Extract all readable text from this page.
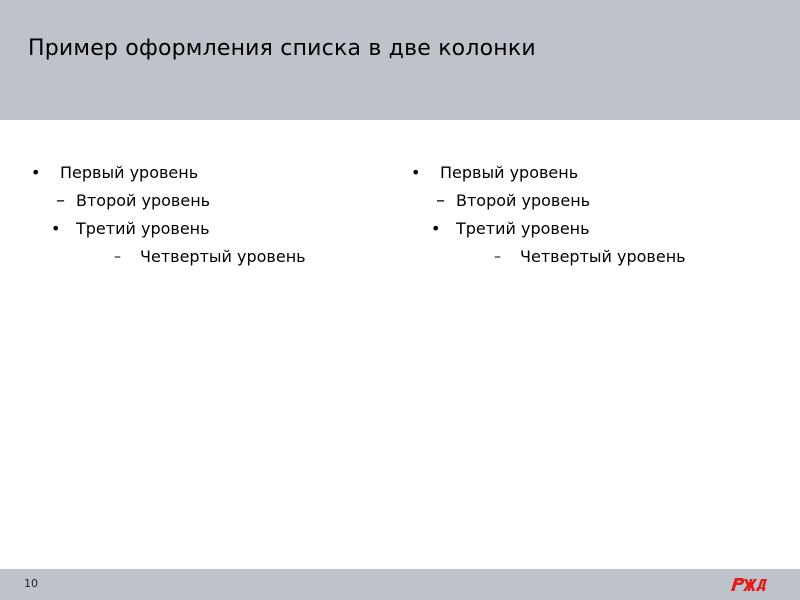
Пример оформления списка в две колонки
• Первый уровень
– Второй уровень
• Третий уровень
– Четвертый уровень
• Первый уровень
– Второй уровень
• Третий уровень
– Четвертый уровень
10
